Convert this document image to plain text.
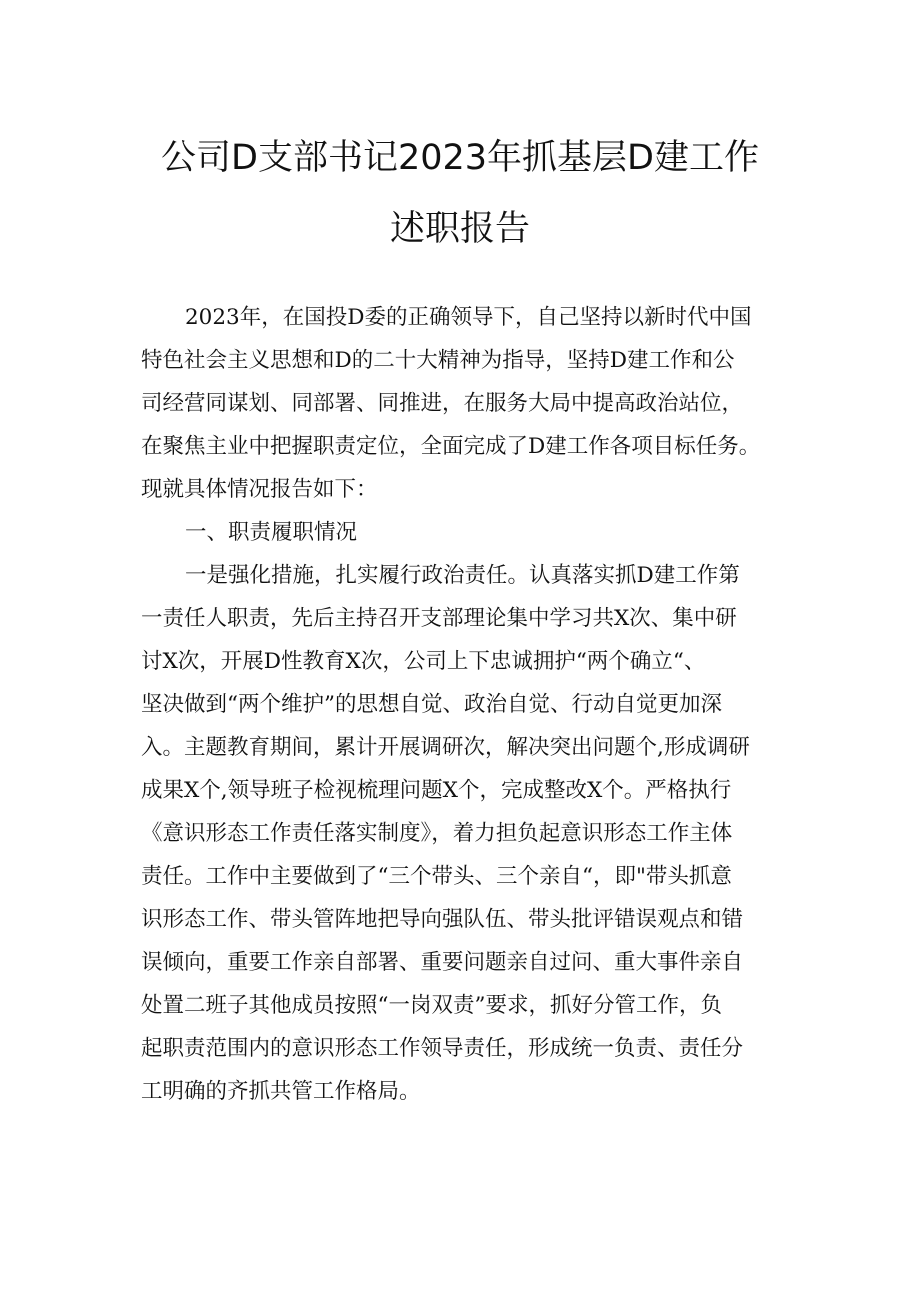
公司D支部书记2023年抓基层D建工作
述职报告
2023年，在国投D委的正确领导下，自己坚持以新时代中国
特色社会主义思想和D的二十大精神为指导，坚持D建工作和公
司经营同谋划、同部署、同推进，在服务大局中提高政治站位，
在聚焦主业中把握职责定位，全面完成了D建工作各项目标任务。
现就具体情况报告如下：
一、职责履职情况
一是强化措施，扎实履行政治责任。认真落实抓D建工作第
一责任人职责，先后主持召开支部理论集中学习共X次、集中研
讨X次，开展D性教育X次，公司上下忠诚拥护“两个确立“、
坚决做到“两个维护”的思想自觉、政治自觉、行动自觉更加深
入。主题教育期间，累计开展调研次，解决突出问题个,形成调研
成果X个,领导班子检视梳理问题X个，完成整改X个。严格执行
《意识形态工作责任落实制度》，着力担负起意识形态工作主体
责任。工作中主要做到了“三个带头、三个亲自“，即"带头抓意
识形态工作、带头管阵地把导向强队伍、带头批评错误观点和错
误倾向，重要工作亲自部署、重要问题亲自过问、重大事件亲自
处置二班子其他成员按照“一岗双责”要求，抓好分管工作，负
起职责范围内的意识形态工作领导责任，形成统一负责、责任分
工明确的齐抓共管工作格局。
